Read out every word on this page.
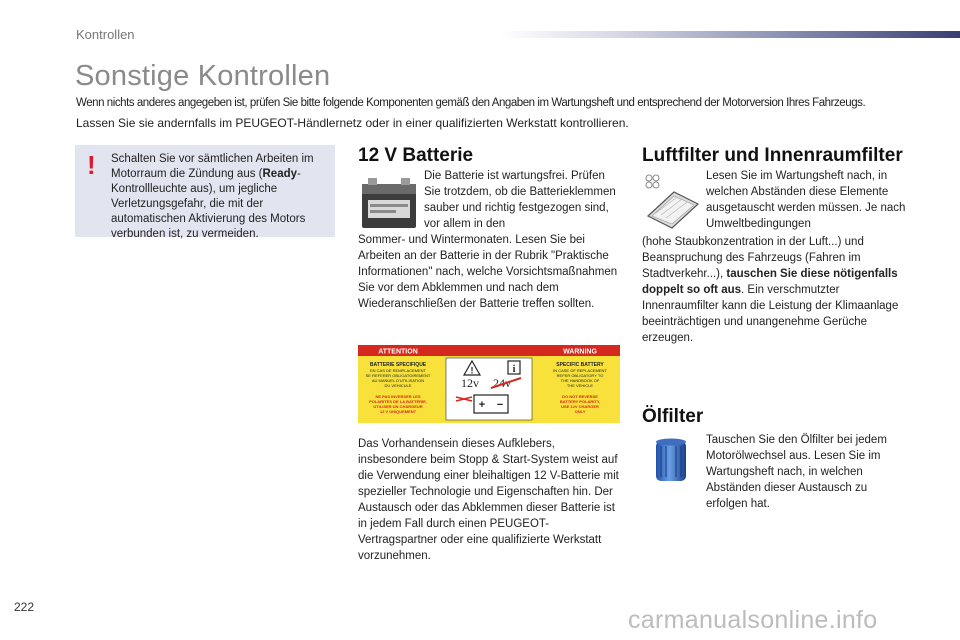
Kontrollen
Sonstige Kontrollen
Wenn nichts anderes angegeben ist, prüfen Sie bitte folgende Komponenten gemäß den Angaben im Wartungsheft und entsprechend der Motorversion Ihres Fahrzeugs.
Lassen Sie sie andernfalls im PEUGEOT-Händlernetz oder in einer qualifizierten Werkstatt kontrollieren.
! Schalten Sie vor sämtlichen Arbeiten im Motorraum die Zündung aus (Ready-Kontrollleuchte aus), um jegliche Verletzungsgefahr, die mit der automatischen Aktivierung des Motors verbunden ist, zu vermeiden.
12 V Batterie
Die Batterie ist wartungsfrei. Prüfen Sie trotzdem, ob die Batterieklemmen sauber und richtig festgezogen sind, vor allem in den
Sommer- und Wintermonaten. Lesen Sie bei Arbeiten an der Batterie in der Rubrik "Praktische Informationen" nach, welche Vorsichtsmaßnahmen Sie vor dem Abklemmen und nach dem Wiederanschließen der Batterie treffen sollten.
ATTENTION	WARNING
BATTERIE SPECIFIQUE
EN CAS DE REMPLACEMENT
SE REFERER OBLIGATOIREMENT
AU MANUEL D'UTILISATION
DU VEHICULE
SPECIFIC BATTERY
IN CASE OF REPLACEMENT
REFER OBLIGATORY TO
THE HANDBOOK OF
THE VEHICLE
NE PAS INVERSER LES
POLARITES DE LA BATTERIE,
UTILISER UN CHARGEUR
12 V UNIQUEMENT
DO NOT REVERSE
BATTERY POLARITY,
USE 12V CHARGER
ONLY
!	i
12v 24v
+ −
Das Vorhandensein dieses Aufklebers, insbesondere beim Stopp & Start-System weist auf die Verwendung einer bleihaltigen 12 V-Batterie mit spezieller Technologie und Eigenschaften hin. Der Austausch oder das Abklemmen dieser Batterie ist in jedem Fall durch einen PEUGEOT-Vertragspartner oder eine qualifizierte Werkstatt vorzunehmen.
Luftfilter und Innenraumfilter
Lesen Sie im Wartungsheft nach, in welchen Abständen diese Elemente ausgetauscht werden müssen. Je nach Umweltbedingungen
(hohe Staubkonzentration in der Luft...) und Beanspruchung des Fahrzeugs (Fahren im Stadtverkehr...), tauschen Sie diese nötigenfalls doppelt so oft aus. Ein verschmutzter Innenraumfilter kann die Leistung der Klimaanlage beeinträchtigen und unangenehme Gerüche erzeugen.
Ölfilter
Tauschen Sie den Ölfilter bei jedem Motorölwechsel aus. Lesen Sie im Wartungsheft nach, in welchen Abständen dieser Austausch zu erfolgen hat.
222	carmanualsonline.info
